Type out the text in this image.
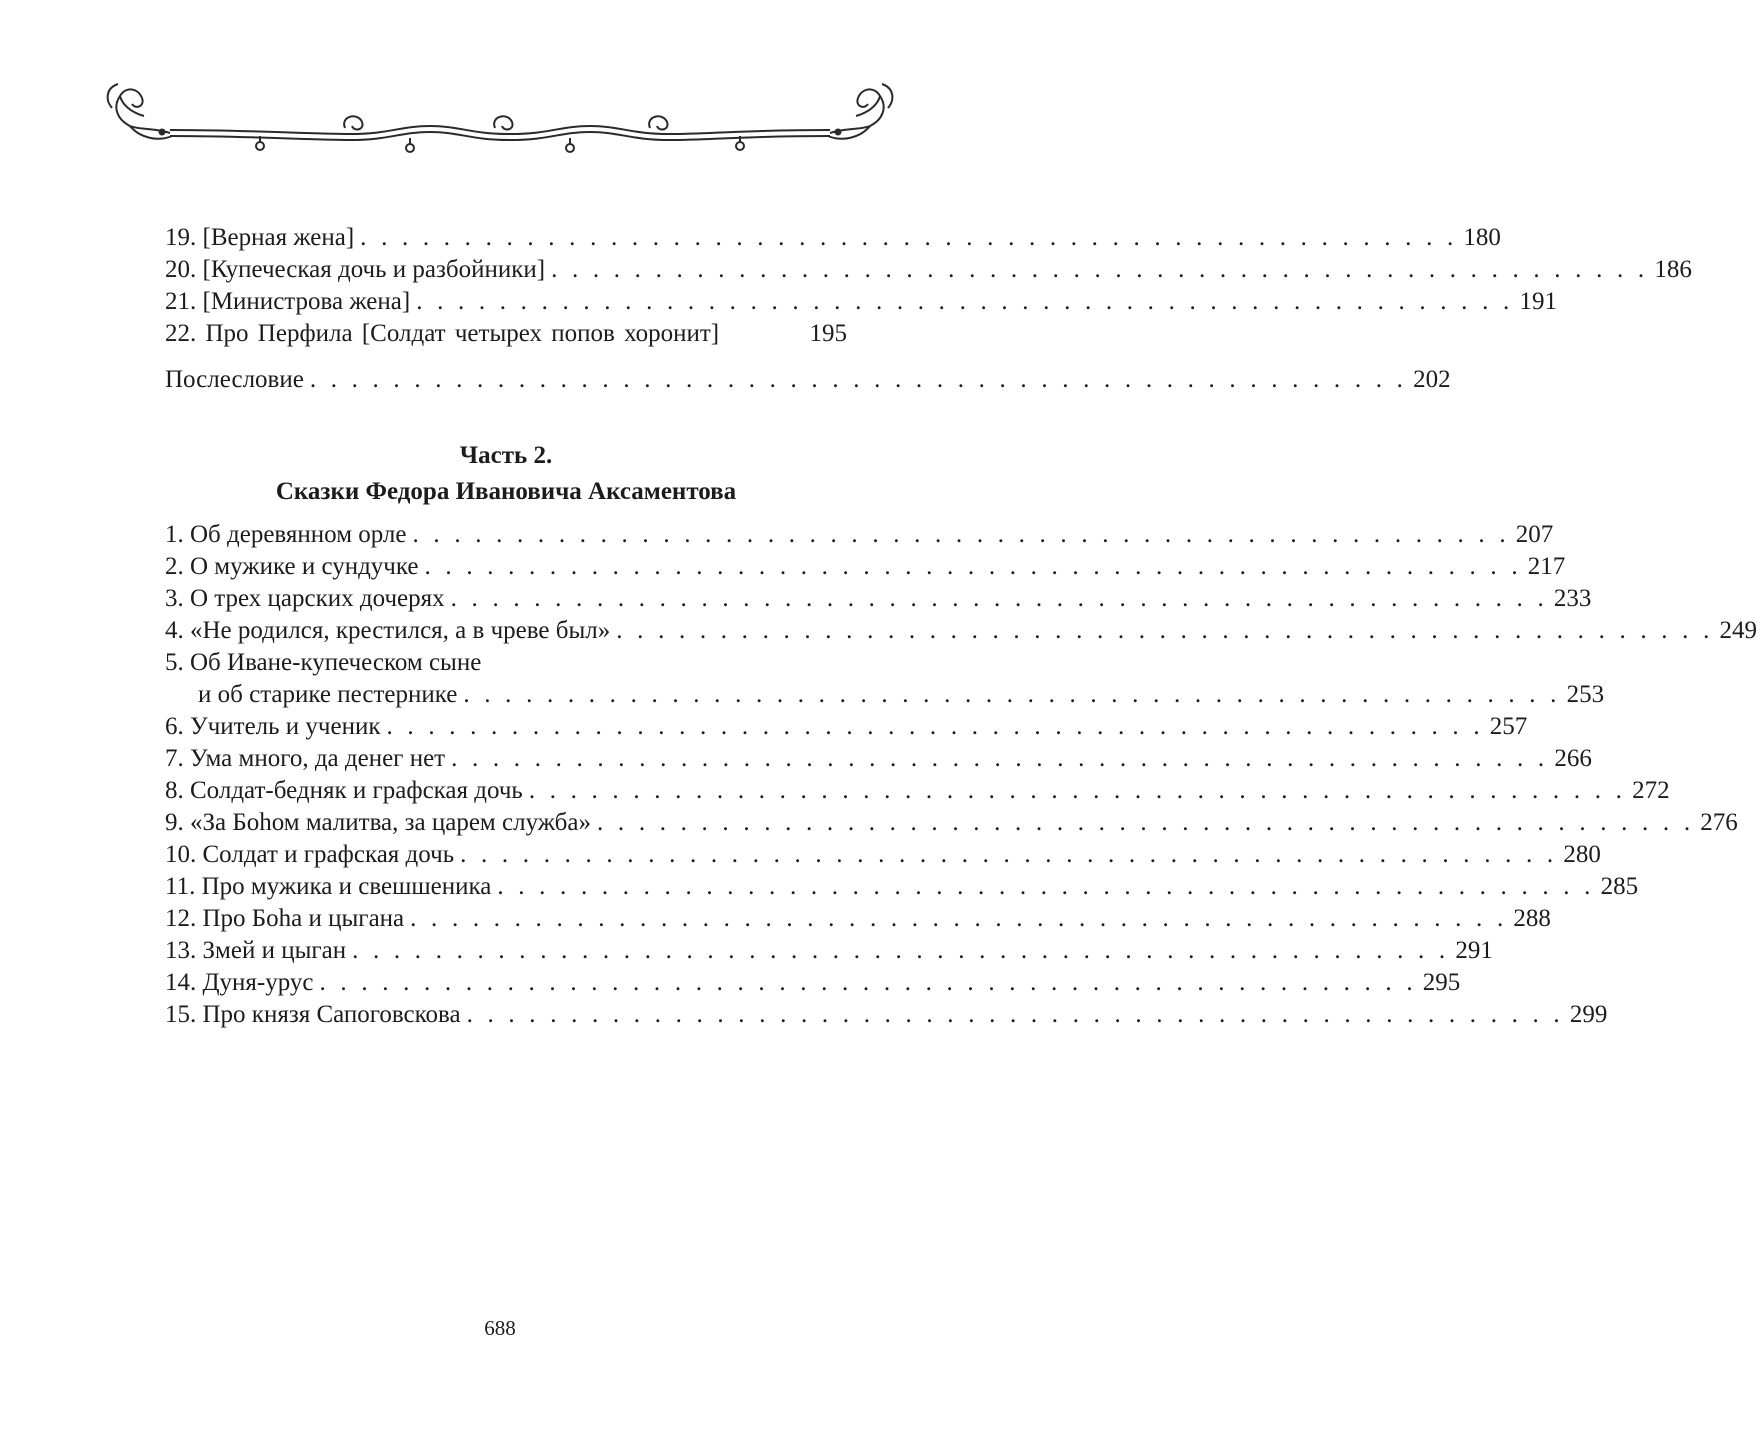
19. [Верная жена] . . . . . . . . . . . . . . . . . . . . . . . . . . . . . . . . . . . . . . . . . . . . . . . . . . . . . 180
20. [Купеческая дочь и разбойники] . . . . . . . . . . . . . . . . . . . . . . . . . . . . . . . . . . . . . . . . . . . . . . . . . . . . . 186
21. [Министрова жена] . . . . . . . . . . . . . . . . . . . . . . . . . . . . . . . . . . . . . . . . . . . . . . . . . . . . . 191
22. Про Перфила [Солдат четырех попов хоронит]	195
Послесловие . . . . . . . . . . . . . . . . . . . . . . . . . . . . . . . . . . . . . . . . . . . . . . . . . . . . . 202
Часть 2.
Сказки Федора Ивановича Аксаментова
1. Об деревянном орле . . . . . . . . . . . . . . . . . . . . . . . . . . . . . . . . . . . . . . . . . . . . . . . . . . . . . 207
2. О мужике и сундучке . . . . . . . . . . . . . . . . . . . . . . . . . . . . . . . . . . . . . . . . . . . . . . . . . . . . . 217
3. О трех царских дочерях . . . . . . . . . . . . . . . . . . . . . . . . . . . . . . . . . . . . . . . . . . . . . . . . . . . . . 233
4. «Не родился, крестился, а в чреве был» . . . . . . . . . . . . . . . . . . . . . . . . . . . . . . . . . . . . . . . . . . . . . . . . . . . . . 249
5. Об Иване-купеческом сыне
и об старике пестернике . . . . . . . . . . . . . . . . . . . . . . . . . . . . . . . . . . . . . . . . . . . . . . . . . . . . . 253
6. Учитель и ученик . . . . . . . . . . . . . . . . . . . . . . . . . . . . . . . . . . . . . . . . . . . . . . . . . . . . . 257
7. Ума много, да денег нет . . . . . . . . . . . . . . . . . . . . . . . . . . . . . . . . . . . . . . . . . . . . . . . . . . . . . 266
8. Солдат-бедняк и графская дочь . . . . . . . . . . . . . . . . . . . . . . . . . . . . . . . . . . . . . . . . . . . . . . . . . . . . . 272
9. «За Боhом малитва, за царем служба» . . . . . . . . . . . . . . . . . . . . . . . . . . . . . . . . . . . . . . . . . . . . . . . . . . . . . 276
10. Солдат и графская дочь . . . . . . . . . . . . . . . . . . . . . . . . . . . . . . . . . . . . . . . . . . . . . . . . . . . . . 280
11. Про мужика и свешшеника . . . . . . . . . . . . . . . . . . . . . . . . . . . . . . . . . . . . . . . . . . . . . . . . . . . . . 285
12. Про Боhа и цыгана . . . . . . . . . . . . . . . . . . . . . . . . . . . . . . . . . . . . . . . . . . . . . . . . . . . . . 288
13. Змей и цыган . . . . . . . . . . . . . . . . . . . . . . . . . . . . . . . . . . . . . . . . . . . . . . . . . . . . . 291
14. Дуня-урус . . . . . . . . . . . . . . . . . . . . . . . . . . . . . . . . . . . . . . . . . . . . . . . . . . . . . 295
15. Про князя Сапоговскова . . . . . . . . . . . . . . . . . . . . . . . . . . . . . . . . . . . . . . . . . . . . . . . . . . . . . 299
688
